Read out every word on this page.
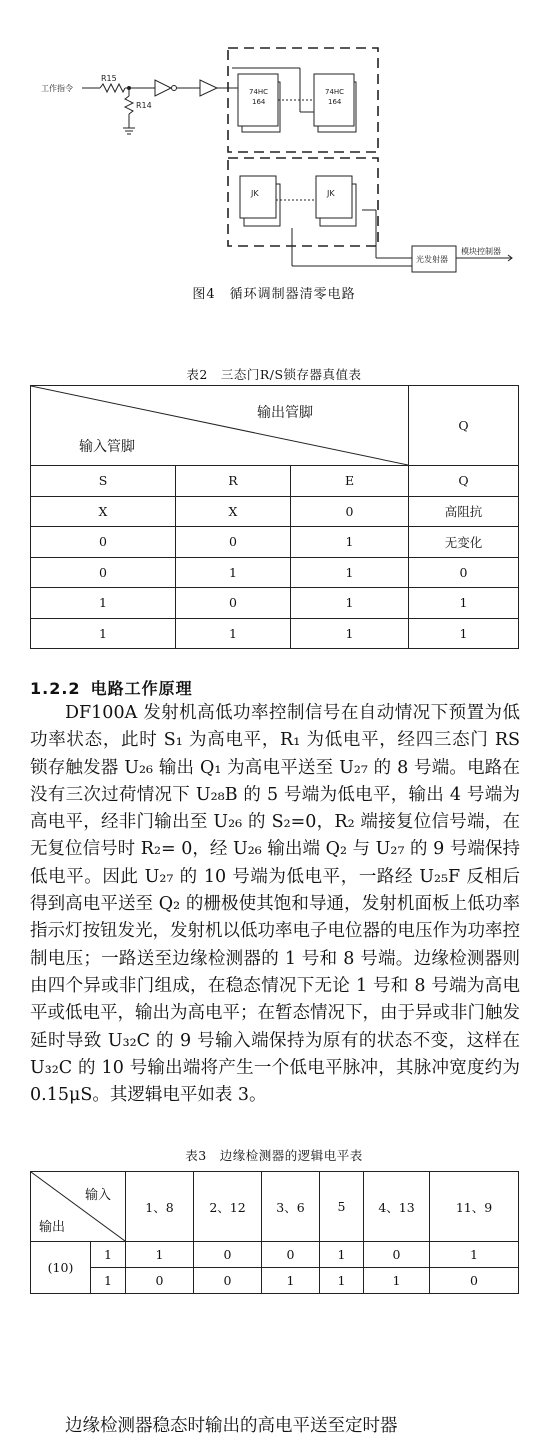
工作指令
R15
R14
74HC
164
74HC
164
JK	JK
光发射器
模块控制器
图4　循环调制器清零电路
表2　三态门R/S锁存器真值表
输出管脚
输入管脚			Q
S	R	E	Q
X	X	0	高阻抗
0	0	1	无变化
0	1	1	0
1	0	1	1
1	1	1	1
1.2.2 电路工作原理
DF100A 发射机高低功率控制信号在自动情况下预置为低功率状态，此时 S₁ 为高电平，R₁ 为低电平，经四三态门 RS 锁存触发器 U₂₆ 输出 Q₁ 为高电平送至 U₂₇ 的 8 号端。电路在没有三次过荷情况下 U₂₈B 的 5 号端为低电平，输出 4 号端为高电平，经非门输出至 U₂₆ 的 S₂=0，R₂ 端接复位信号端，在无复位信号时 R₂= 0，经 U₂₆ 输出端 Q₂ 与 U₂₇ 的 9 号端保持低电平。因此 U₂₇ 的 10 号端为低电平，一路经 U₂₅F 反相后得到高电平送至 Q₂ 的栅极使其饱和导通，发射机面板上低功率指示灯按钮发光，发射机以低功率电子电位器的电压作为功率控制电压；一路送至边缘检测器的 1 号和 8 号端。边缘检测器则由四个异或非门组成，在稳态情况下无论 1 号和 8 号端为高电平或低电平，输出为高电平；在暂态情况下，由于异或非门触发延时导致 U₃₂C 的 9 号输入端保持为原有的状态不变，这样在 U₃₂C 的 10 号输出端将产生一个低电平脉冲，其脉冲宽度约为 0.15μS。其逻辑电平如表 3。
表3　边缘检测器的逻辑电平表
输入
输出		1、8	2、12	3、6	5	4、13	11、9
(10)	1	1	0	0	1	0	1
	1	0	0	1	1	1	0
边缘检测器稳态时输出的高电平送至定时器
